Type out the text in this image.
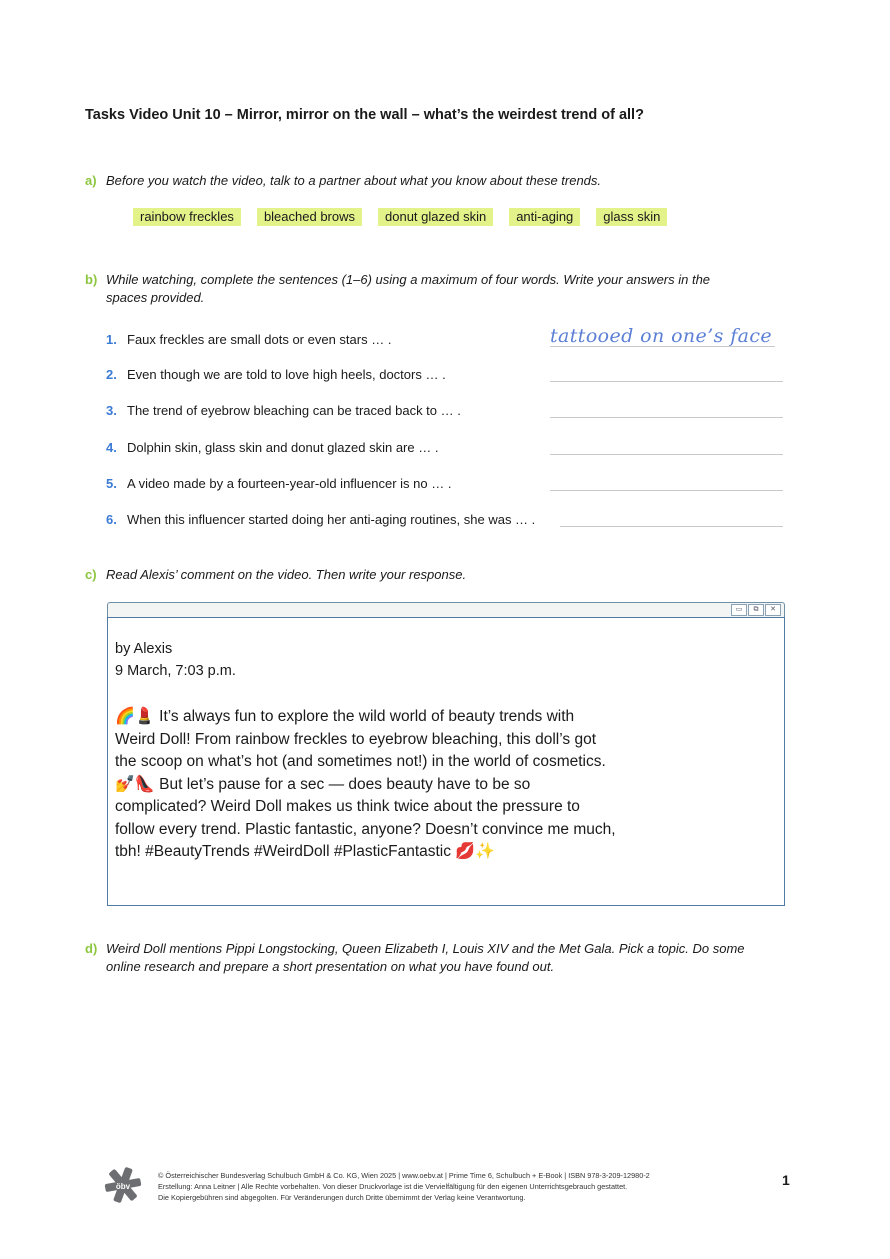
Tasks Video Unit 10 – Mirror, mirror on the wall – what’s the weirdest trend of all?
a) Before you watch the video, talk to a partner about what you know about these trends.
rainbow freckles	bleached brows	donut glazed skin	anti-aging	glass skin
b) While watching, complete the sentences (1–6) using a maximum of four words. Write your answers in the
spaces provided.
1. Faux freckles are small dots or even stars … .	tattooed on one’s face
2. Even though we are told to love high heels, doctors … .
3. The trend of eyebrow bleaching can be traced back to … .
4. Dolphin skin, glass skin and donut glazed skin are … .
5. A video made by a fourteen-year-old influencer is no … .
6. When this influencer started doing her anti-aging routines, she was … .
c) Read Alexis’ comment on the video. Then write your response.
▭	⧉	✕
by Alexis
9 March, 7:03 p.m.
🌈💄 It’s always fun to explore the wild world of beauty trends with
Weird Doll! From rainbow freckles to eyebrow bleaching, this doll’s got
the scoop on what’s hot (and sometimes not!) in the world of cosmetics.
💅👠 But let’s pause for a sec — does beauty have to be so
complicated? Weird Doll makes us think twice about the pressure to
follow every trend. Plastic fantastic, anyone? Doesn’t convince me much,
tbh! #BeautyTrends #WeirdDoll #PlasticFantastic 💋✨
d) Weird Doll mentions Pippi Longstocking, Queen Elizabeth I, Louis XIV and the Met Gala. Pick a topic. Do some
online research and prepare a short presentation on what you have found out.
öbv
© Österreichischer Bundesverlag Schulbuch GmbH & Co. KG, Wien 2025 | www.oebv.at | Prime Time 6, Schulbuch + E-Book | ISBN 978-3-209-12980-2
Erstellung: Anna Leitner | Alle Rechte vorbehalten. Von dieser Druckvorlage ist die Vervielfältigung für den eigenen Unterrichtsgebrauch gestattet.
Die Kopiergebühren sind abgegolten. Für Veränderungen durch Dritte übernimmt der Verlag keine Verantwortung.
1
